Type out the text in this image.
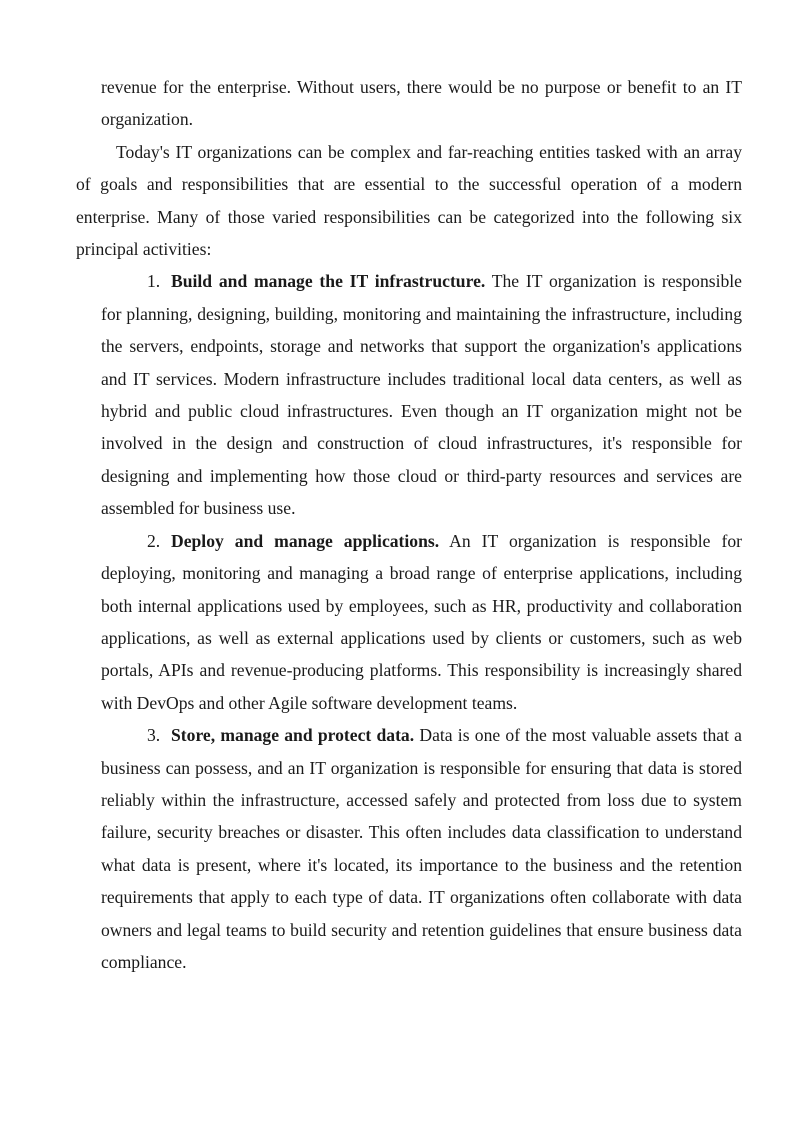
revenue for the enterprise. Without users, there would be no purpose or benefit to an IT organization.

Today's IT organizations can be complex and far-reaching entities tasked with an array of goals and responsibilities that are essential to the successful operation of a modern enterprise. Many of those varied responsibilities can be categorized into the following six principal activities:

1. Build and manage the IT infrastructure. The IT organization is responsible for planning, designing, building, monitoring and maintaining the infrastructure, including the servers, endpoints, storage and networks that support the organization's applications and IT services. Modern infrastructure includes traditional local data centers, as well as hybrid and public cloud infrastructures. Even though an IT organization might not be involved in the design and construction of cloud infrastructures, it's responsible for designing and implementing how those cloud or third-party resources and services are assembled for business use.

2. Deploy and manage applications. An IT organization is responsible for deploying, monitoring and managing a broad range of enterprise applications, including both internal applications used by employees, such as HR, productivity and collaboration applications, as well as external applications used by clients or customers, such as web portals, APIs and revenue-producing platforms. This responsibility is increasingly shared with DevOps and other Agile software development teams.

3. Store, manage and protect data. Data is one of the most valuable assets that a business can possess, and an IT organization is responsible for ensuring that data is stored reliably within the infrastructure, accessed safely and protected from loss due to system failure, security breaches or disaster. This often includes data classification to understand what data is present, where it's located, its importance to the business and the retention requirements that apply to each type of data. IT organizations often collaborate with data owners and legal teams to build security and retention guidelines that ensure business data compliance.
